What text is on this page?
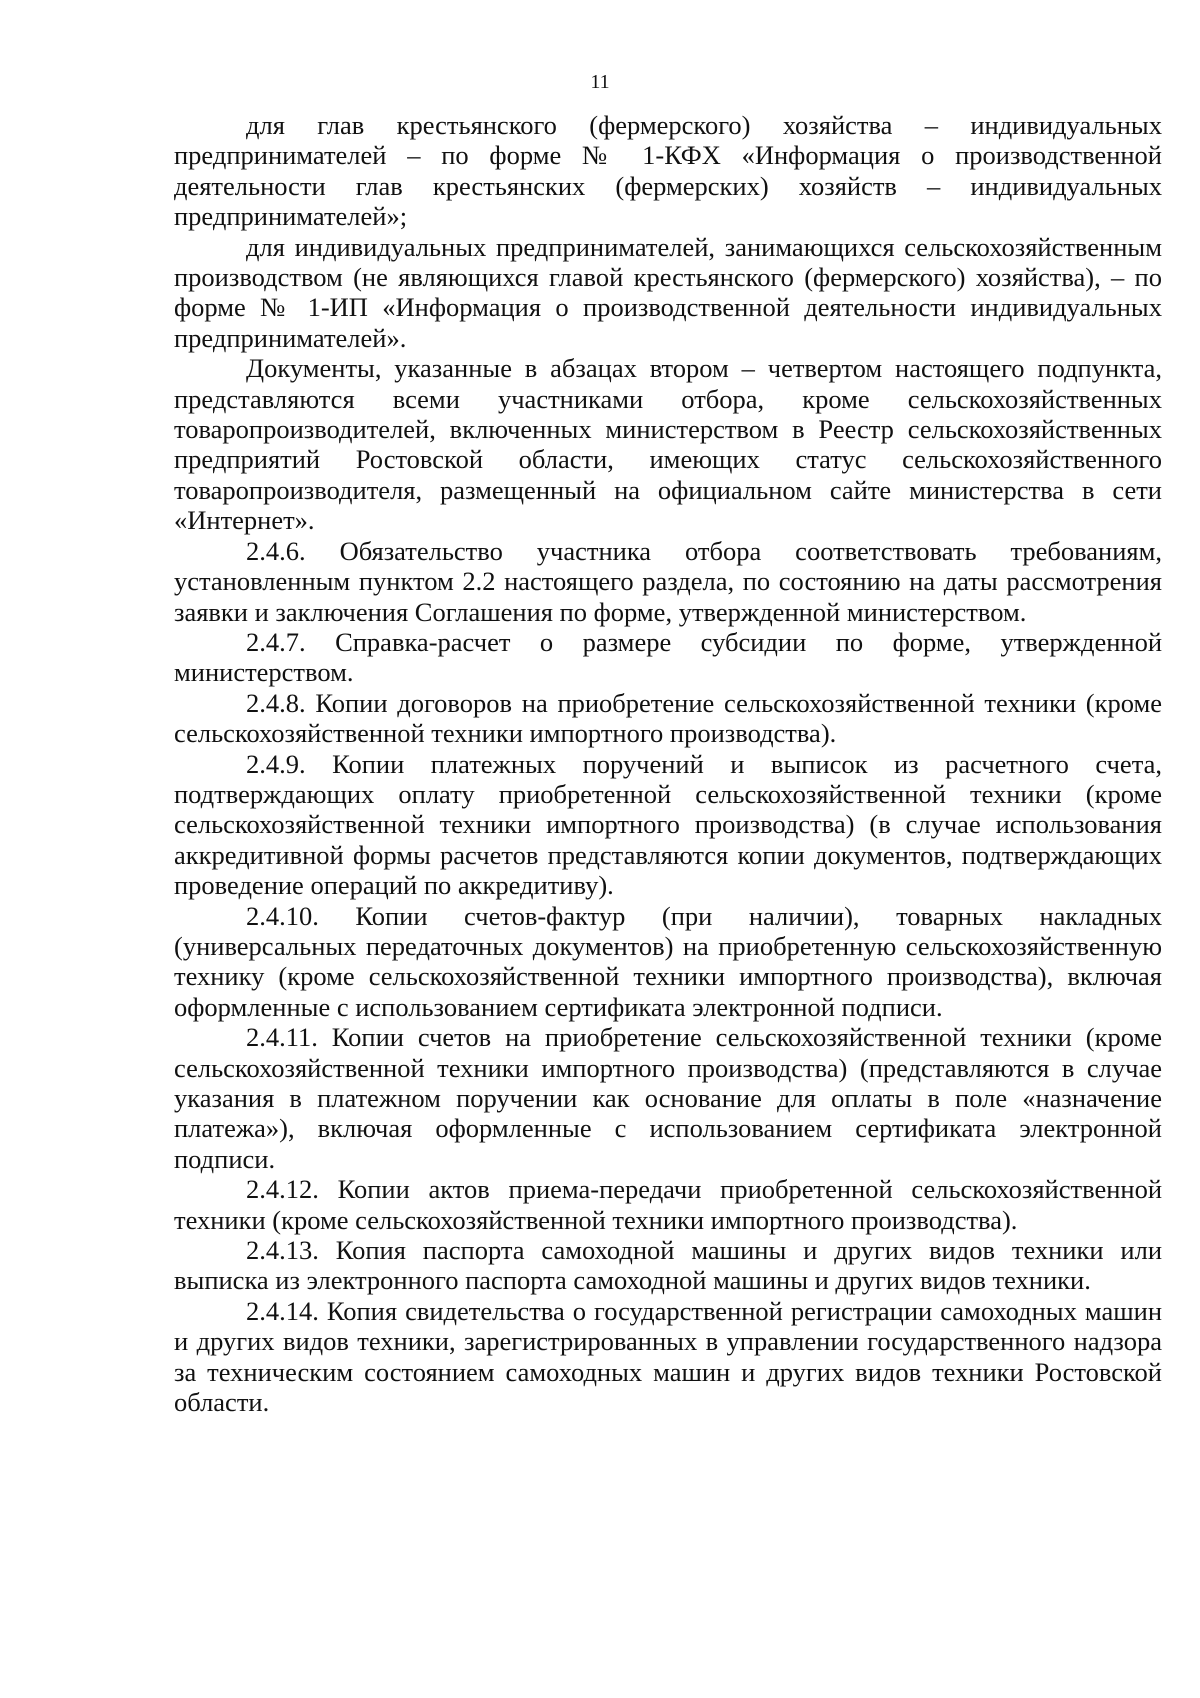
11

для глав крестьянского (фермерского) хозяйства – индивидуальных предпринимателей – по форме № 1-КФХ «Информация о производственной деятельности глав крестьянских (фермерских) хозяйств – индивидуальных предпринимателей»;

для индивидуальных предпринимателей, занимающихся сельскохозяйственным производством (не являющихся главой крестьянского (фермерского) хозяйства), – по форме № 1-ИП «Информация о производственной деятельности индивидуальных предпринимателей».

Документы, указанные в абзацах втором – четвертом настоящего подпункта, представляются всеми участниками отбора, кроме сельскохозяйственных товаропроизводителей, включенных министерством в Реестр сельскохозяйственных предприятий Ростовской области, имеющих статус сельскохозяйственного товаропроизводителя, размещенный на официальном сайте министерства в сети «Интернет».

2.4.6. Обязательство участника отбора соответствовать требованиям, установленным пунктом 2.2 настоящего раздела, по состоянию на даты рассмотрения заявки и заключения Соглашения по форме, утвержденной министерством.

2.4.7. Справка-расчет о размере субсидии по форме, утвержденной министерством.

2.4.8. Копии договоров на приобретение сельскохозяйственной техники (кроме сельскохозяйственной техники импортного производства).

2.4.9. Копии платежных поручений и выписок из расчетного счета, подтверждающих оплату приобретенной сельскохозяйственной техники (кроме сельскохозяйственной техники импортного производства) (в случае использования аккредитивной формы расчетов представляются копии документов, подтверждающих проведение операций по аккредитиву).

2.4.10. Копии счетов-фактур (при наличии), товарных накладных (универсальных передаточных документов) на приобретенную сельскохозяйственную технику (кроме сельскохозяйственной техники импортного производства), включая оформленные с использованием сертификата электронной подписи.

2.4.11. Копии счетов на приобретение сельскохозяйственной техники (кроме сельскохозяйственной техники импортного производства) (представляются в случае указания в платежном поручении как основание для оплаты в поле «назначение платежа»), включая оформленные с использованием сертификата электронной подписи.

2.4.12. Копии актов приема-передачи приобретенной сельскохозяйственной техники (кроме сельскохозяйственной техники импортного производства).

2.4.13. Копия паспорта самоходной машины и других видов техники или выписка из электронного паспорта самоходной машины и других видов техники.

2.4.14. Копия свидетельства о государственной регистрации самоходных машин и других видов техники, зарегистрированных в управлении государственного надзора за техническим состоянием самоходных машин и других видов техники Ростовской области.
